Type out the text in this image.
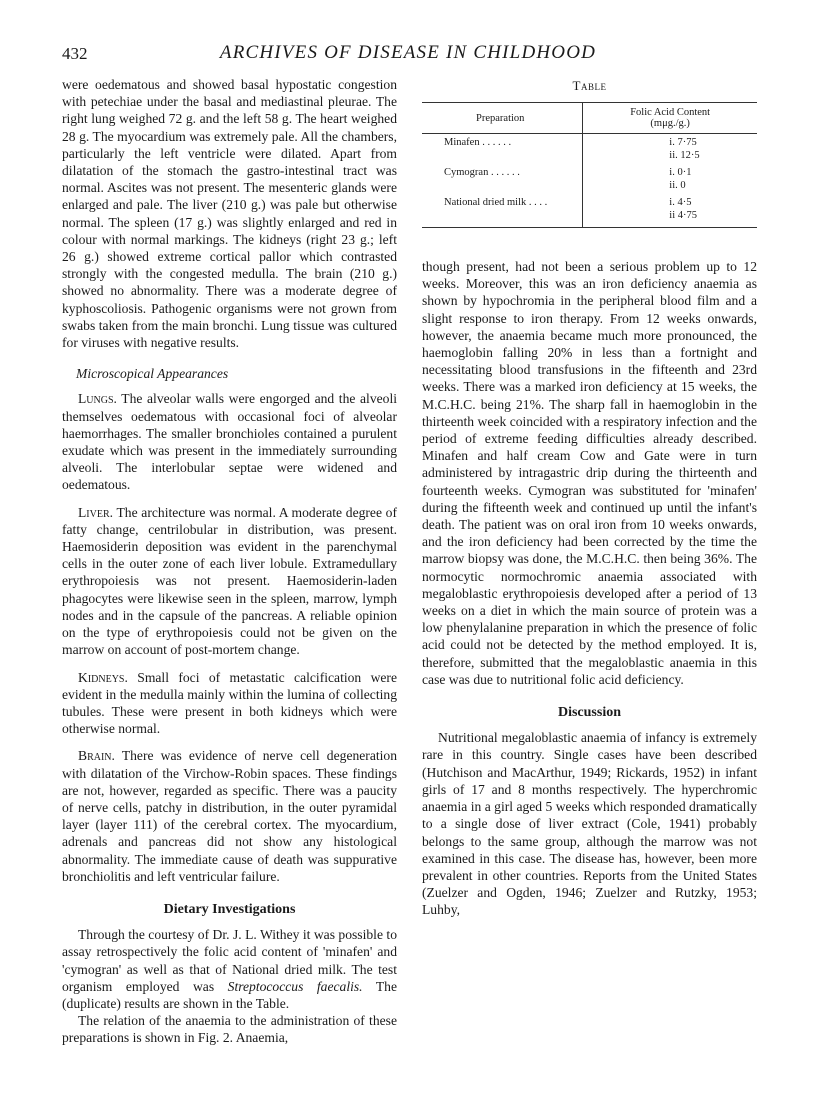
432	ARCHIVES OF DISEASE IN CHILDHOOD

were oedematous and showed basal hypostatic congestion with petechiae under the basal and mediastinal pleurae. The right lung weighed 72 g. and the left 58 g. The heart weighed 28 g. The myocardium was extremely pale. All the chambers, particularly the left ventricle were dilated. Apart from dilatation of the stomach the gastro-intestinal tract was normal. Ascites was not present. The mesenteric glands were enlarged and pale. The liver (210 g.) was pale but otherwise normal. The spleen (17 g.) was slightly enlarged and red in colour with normal markings. The kidneys (right 23 g.; left 26 g.) showed extreme cortical pallor which contrasted strongly with the congested medulla. The brain (210 g.) showed no abnormality. There was a moderate degree of kyphoscoliosis. Pathogenic organisms were not grown from swabs taken from the main bronchi. Lung tissue was cultured for viruses with negative results.

Microscopical Appearances

Lungs. The alveolar walls were engorged and the alveoli themselves oedematous with occasional foci of alveolar haemorrhages. The smaller bronchioles contained a purulent exudate which was present in the immediately surrounding alveoli. The interlobular septae were widened and oedematous.

Liver. The architecture was normal. A moderate degree of fatty change, centrilobular in distribution, was present. Haemosiderin deposition was evident in the parenchymal cells in the outer zone of each liver lobule. Extramedullary erythropoiesis was not present. Haemosiderin-laden phagocytes were likewise seen in the spleen, marrow, lymph nodes and in the capsule of the pancreas. A reliable opinion on the type of erythropoiesis could not be given on the marrow on account of post-mortem change.

Kidneys. Small foci of metastatic calcification were evident in the medulla mainly within the lumina of collecting tubules. These were present in both kidneys which were otherwise normal.

Brain. There was evidence of nerve cell degeneration with dilatation of the Virchow-Robin spaces. These findings are not, however, regarded as specific. There was a paucity of nerve cells, patchy in distribution, in the outer pyramidal layer (layer 111) of the cerebral cortex. The myocardium, adrenals and pancreas did not show any histological abnormality. The immediate cause of death was suppurative bronchiolitis and left ventricular failure.

Dietary Investigations

Through the courtesy of Dr. J. L. Withey it was possible to assay retrospectively the folic acid content of 'minafen' and 'cymogran' as well as that of National dried milk. The test organism employed was Streptococcus faecalis. The (duplicate) results are shown in the Table.

The relation of the anaemia to the administration of these preparations is shown in Fig. 2. Anaemia,

Table
Preparation	Folic Acid Content
(mμg./g.)

Minafen . . . . . .	i. 7·75
ii. 12·5

Cymogran . . . . . .	i. 0·1
ii. 0

National dried milk . . . .	i. 4·5
ii 4·75

though present, had not been a serious problem up to 12 weeks. Moreover, this was an iron deficiency anaemia as shown by hypochromia in the peripheral blood film and a slight response to iron therapy. From 12 weeks onwards, however, the anaemia became much more pronounced, the haemoglobin falling 20% in less than a fortnight and necessitating blood transfusions in the fifteenth and 23rd weeks. There was a marked iron deficiency at 15 weeks, the M.C.H.C. being 21%. The sharp fall in haemoglobin in the thirteenth week coincided with a respiratory infection and the period of extreme feeding difficulties already described. Minafen and half cream Cow and Gate were in turn administered by intragastric drip during the thirteenth and fourteenth weeks. Cymogran was substituted for 'minafen' during the fifteenth week and continued up until the infant's death. The patient was on oral iron from 10 weeks onwards, and the iron deficiency had been corrected by the time the marrow biopsy was done, the M.C.H.C. then being 36%. The normocytic normochromic anaemia associated with megaloblastic erythropoiesis developed after a period of 13 weeks on a diet in which the main source of protein was a low phenylalanine preparation in which the presence of folic acid could not be detected by the method employed. It is, therefore, submitted that the megaloblastic anaemia in this case was due to nutritional folic acid deficiency.

Discussion

Nutritional megaloblastic anaemia of infancy is extremely rare in this country. Single cases have been described (Hutchison and MacArthur, 1949; Rickards, 1952) in infant girls of 17 and 8 months respectively. The hyperchromic anaemia in a girl aged 5 weeks which responded dramatically to a single dose of liver extract (Cole, 1941) probably belongs to the same group, although the marrow was not examined in this case. The disease has, however, been more prevalent in other countries. Reports from the United States (Zuelzer and Ogden, 1946; Zuelzer and Rutzky, 1953; Luhby,
